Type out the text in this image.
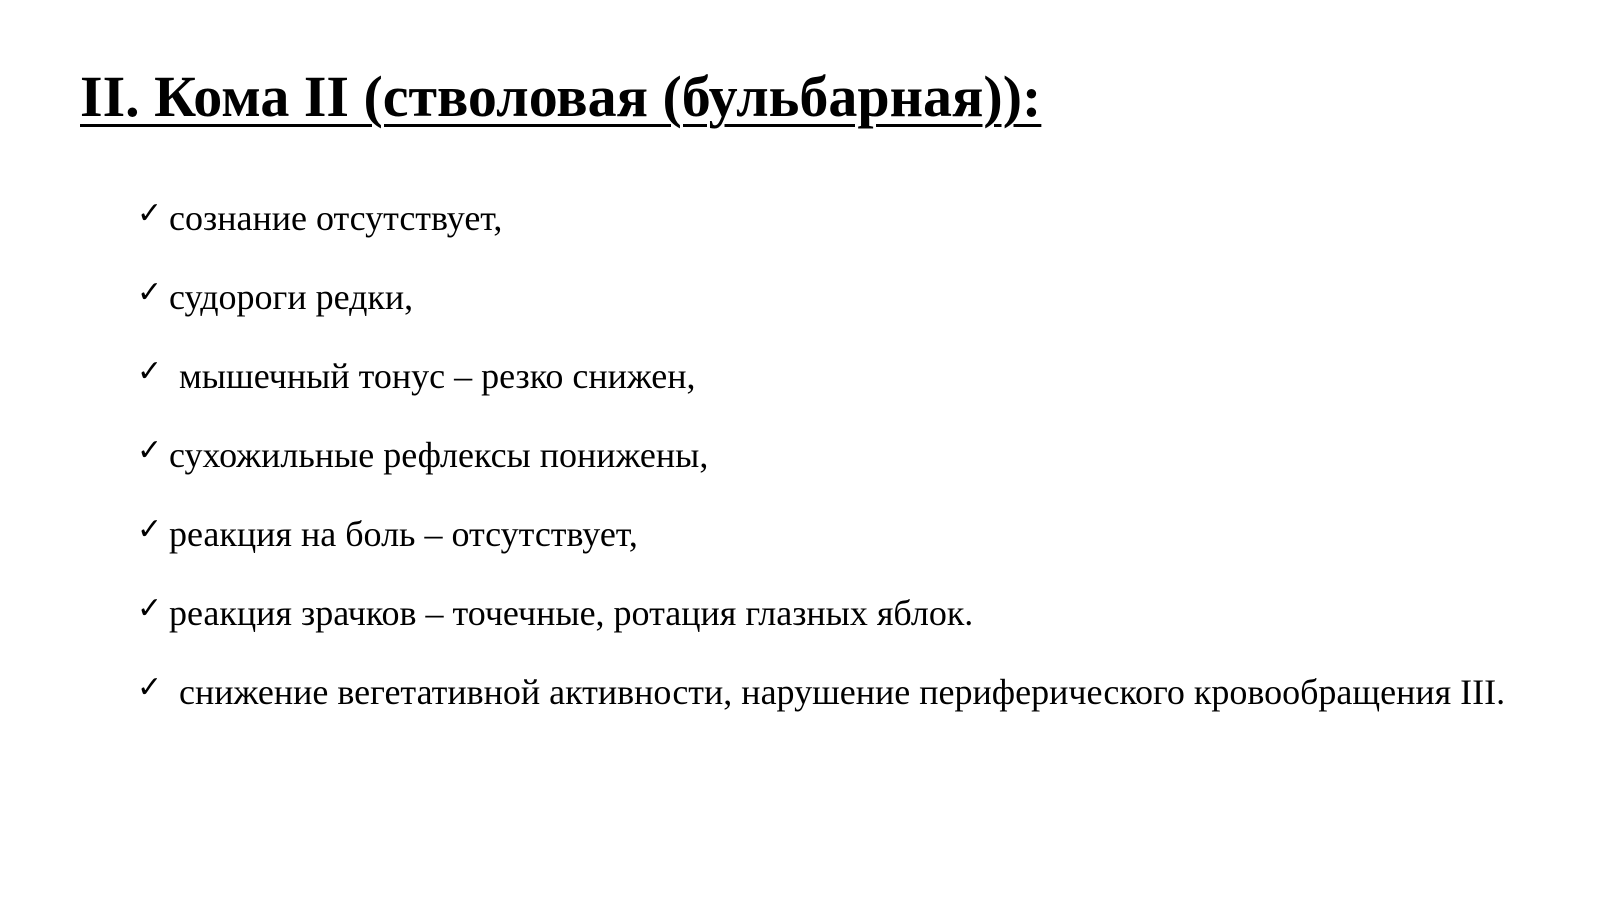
II. Кома II (стволовая (бульбарная)):
✓ сознание отсутствует,
✓ судороги редки,
✓ мышечный тонус – резко снижен,
✓ сухожильные рефлексы понижены,
✓ реакция на боль – отсутствует,
✓ реакция зрачков – точечные, ротация глазных яблок.
✓ снижение вегетативной активности, нарушение периферического кровообращения III.
